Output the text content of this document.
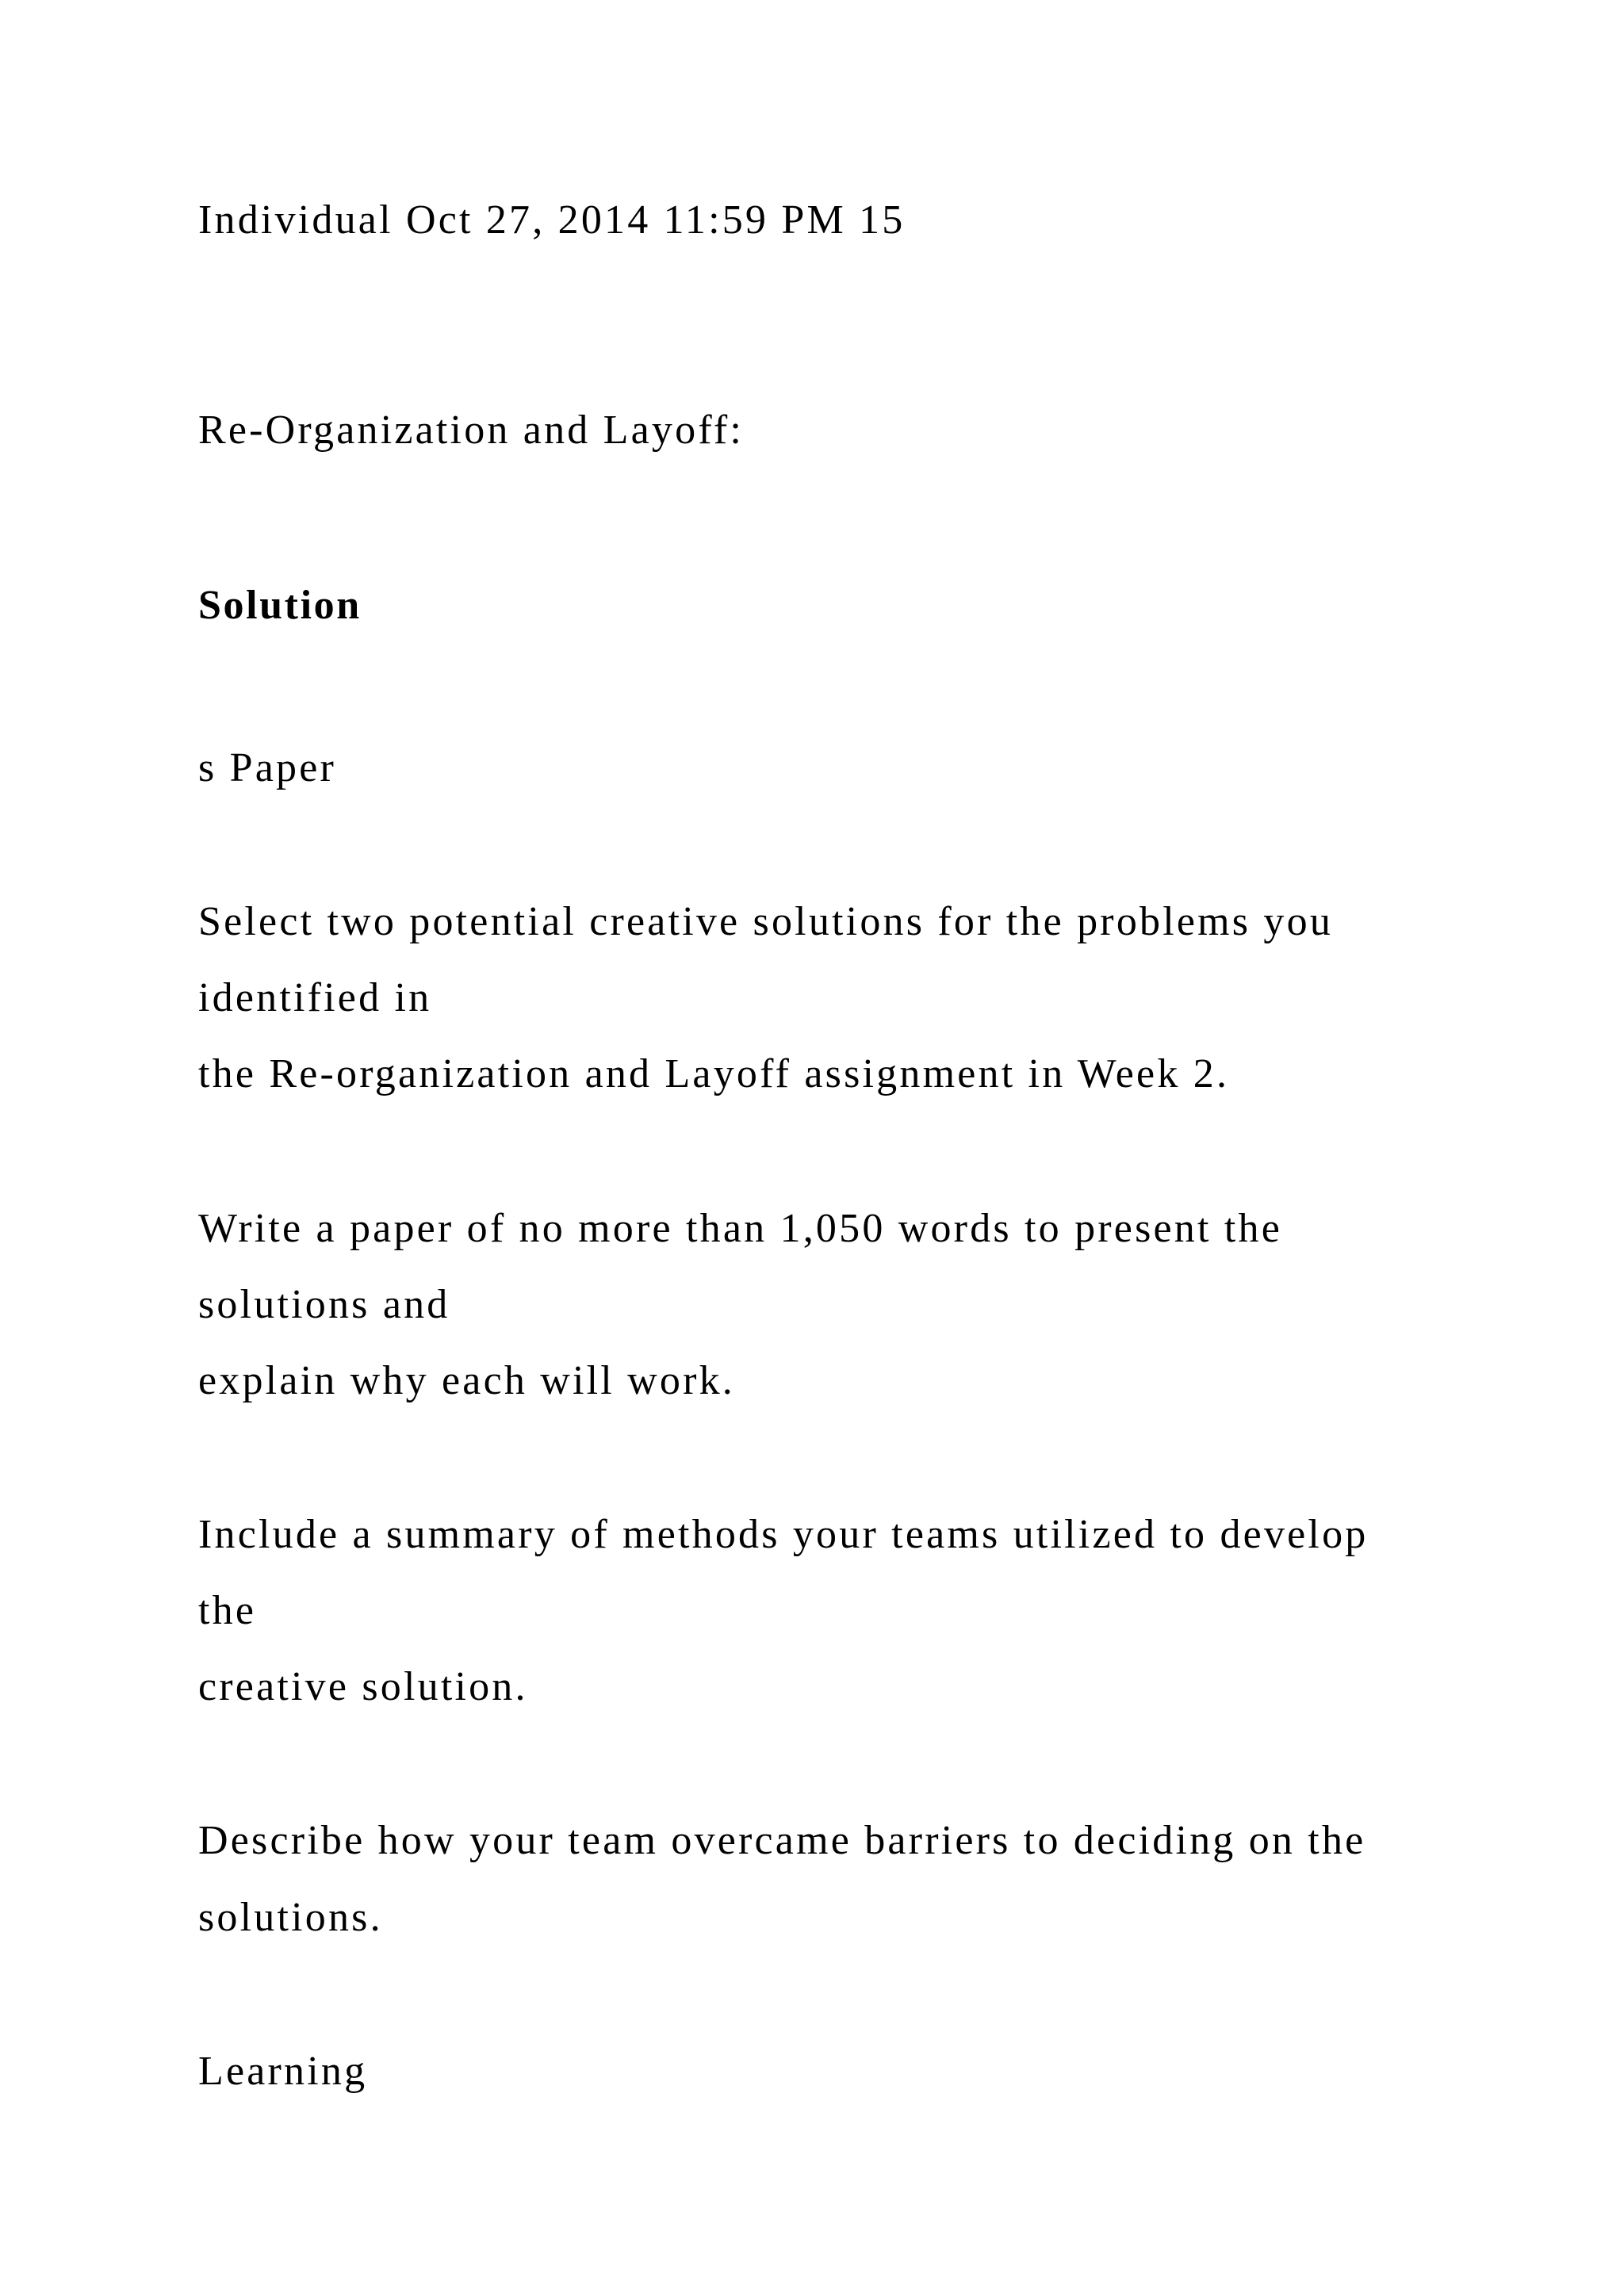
Individual Oct 27, 2014 11:59 PM 15

Re-Organization and Layoff:

Solution

s Paper

Select two potential creative solutions for the problems you

identified in

the Re-organization and Layoff assignment in Week 2.

Write a paper of no more than 1,050 words to present the

solutions and

explain why each will work.

Include a summary of methods your teams utilized to develop

the

creative solution.

Describe how your team overcame barriers to deciding on the

solutions.

Learning
